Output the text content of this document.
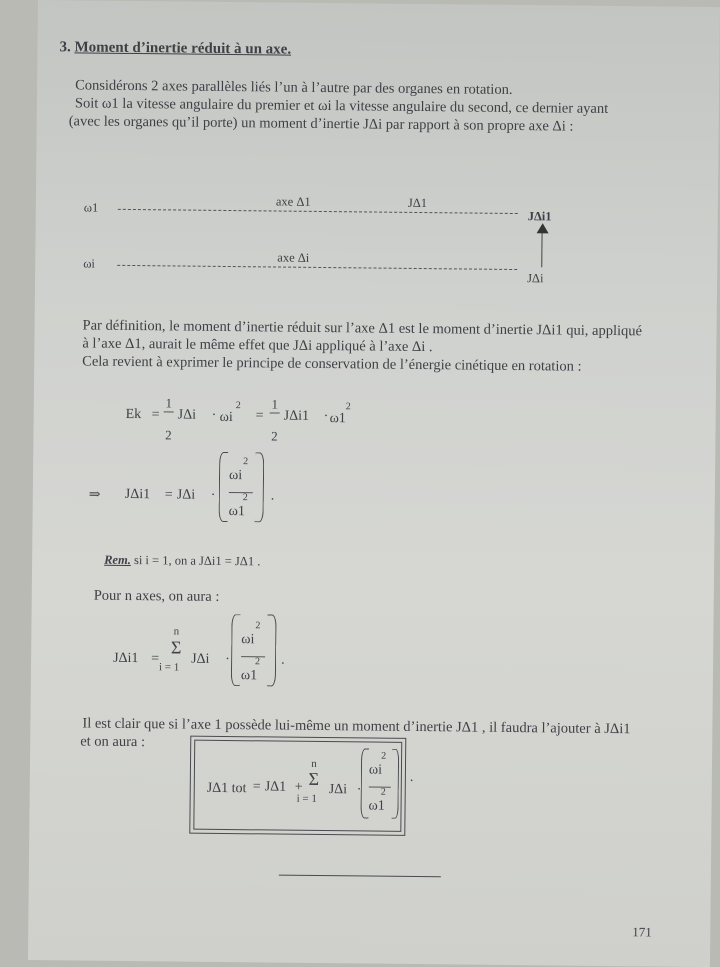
3. Moment d’inertie réduit à un axe.
Considérons 2 axes parallèles liés l’un à l’autre par des organes en rotation.
Soit ω1 la vitesse angulaire du premier et ωi la vitesse angulaire du second, ce dernier ayant
(avec les organes qu’il porte) un moment d’inertie JΔi par rapport à son propre axe Δi :
ω1	axe Δ1	JΔ1
JΔi1
ωi	axe Δi
JΔi
Par définition, le moment d’inertie réduit sur l’axe Δ1 est le moment d’inertie JΔi1 qui, appliqué
à l’axe Δ1, aurait le même effet que JΔi appliqué à l’axe Δi .
Cela revient à exprimer le principe de conservation de l’énergie cinétique en rotation :
Ek =
1
2
JΔi · ωi
2
=
1
2
JΔi1 · ω1
2
⇒ JΔi1 = JΔi ·
ωi
2
2
ω1
.
Rem. si i = 1, on a JΔi1 = JΔ1 .
Pour n axes, on aura :
JΔi1 =
n
Σ
i = 1
JΔi ·
ωi
2
2
ω1
.
Il est clair que si l’axe 1 possède lui-même un moment d’inertie JΔ1 , il faudra l’ajouter à JΔi1
et on aura :
JΔ1 tot = JΔ1 +
n
Σ
i = 1
JΔi ·
ωi
2
2
ω1
.
171
